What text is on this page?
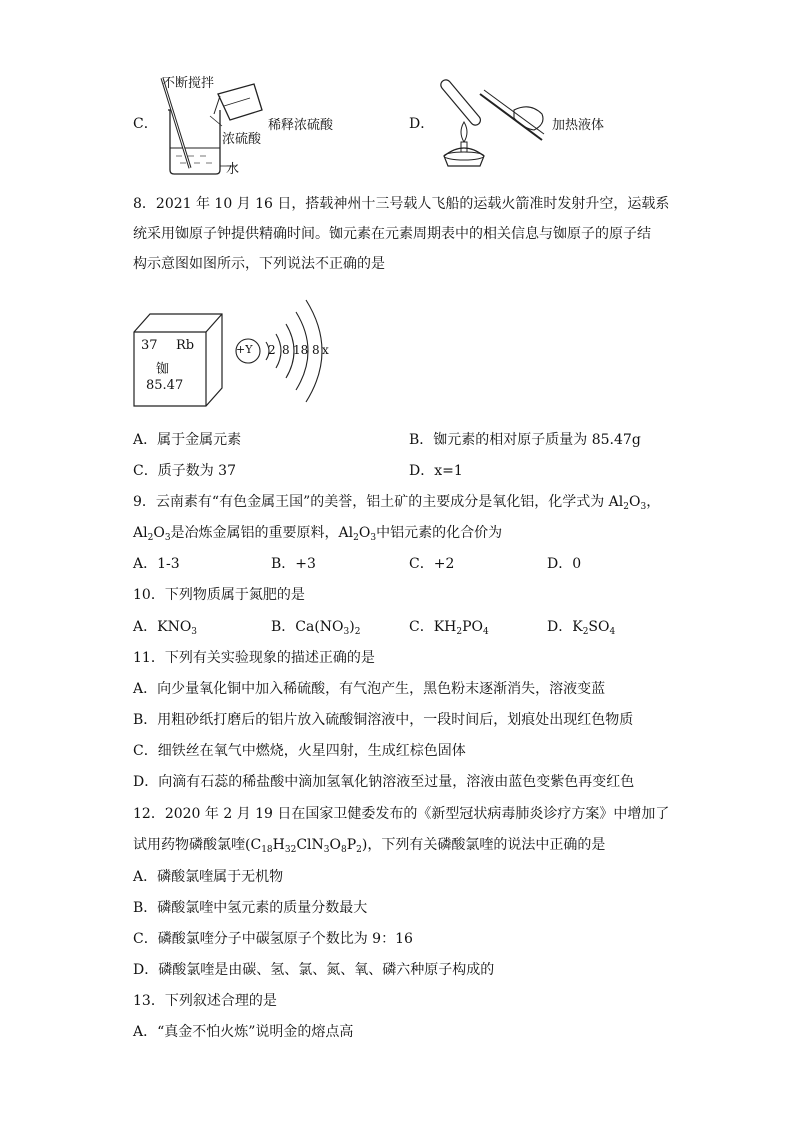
C．
不断搅拌
浓硫酸
水
稀释浓硫酸	D．	加热液体
8．2021 年 10 月 16 日，搭载神州十三号载人飞船的运载火箭准时发射升空，运载系
统采用铷原子钟提供精确时间。铷元素在元素周期表中的相关信息与铷原子的原子结
构示意图如图所示，下列说法不正确的是
37 Rb
铷
85.47
+Y 2 8 18 8 x
A．属于金属元素	B．铷元素的相对原子质量为 85.47g
C．质子数为 37	D．x=1
9．云南素有“有色金属王国”的美誉，铝土矿的主要成分是氧化铝，化学式为 $Al_2O_3$，
$Al_2O_3$是冶炼金属铝的重要原料，$Al_2O_3$中铝元素的化合价为
A．1-3	B．+3	C．+2	D．0
10．下列物质属于氮肥的是
A．$KNO_3$	B．$Ca(NO_3)_2$	C．$KH_2PO_4$	D．$K_2SO_4$
11．下列有关实验现象的描述正确的是
A．向少量氧化铜中加入稀硫酸，有气泡产生，黑色粉末逐渐消失，溶液变蓝
B．用粗砂纸打磨后的铝片放入硫酸铜溶液中，一段时间后，划痕处出现红色物质
C．细铁丝在氧气中燃烧，火星四射，生成红棕色固体
D．向滴有石蕊的稀盐酸中滴加氢氧化钠溶液至过量，溶液由蓝色变紫色再变红色
12．2020 年 2 月 19 日在国家卫健委发布的《新型冠状病毒肺炎诊疗方案》中增加了
试用药物磷酸氯喹$(C_{18}H_{32}ClN_3O_8P_2)$，下列有关磷酸氯喹的说法中正确的是
A．磷酸氯喹属于无机物
B．磷酸氯喹中氢元素的质量分数最大
C．磷酸氯喹分子中碳氢原子个数比为 9：16
D．磷酸氯喹是由碳、氢、氯、氮、氧、磷六种原子构成的
13．下列叙述合理的是
A．“真金不怕火炼”说明金的熔点高
